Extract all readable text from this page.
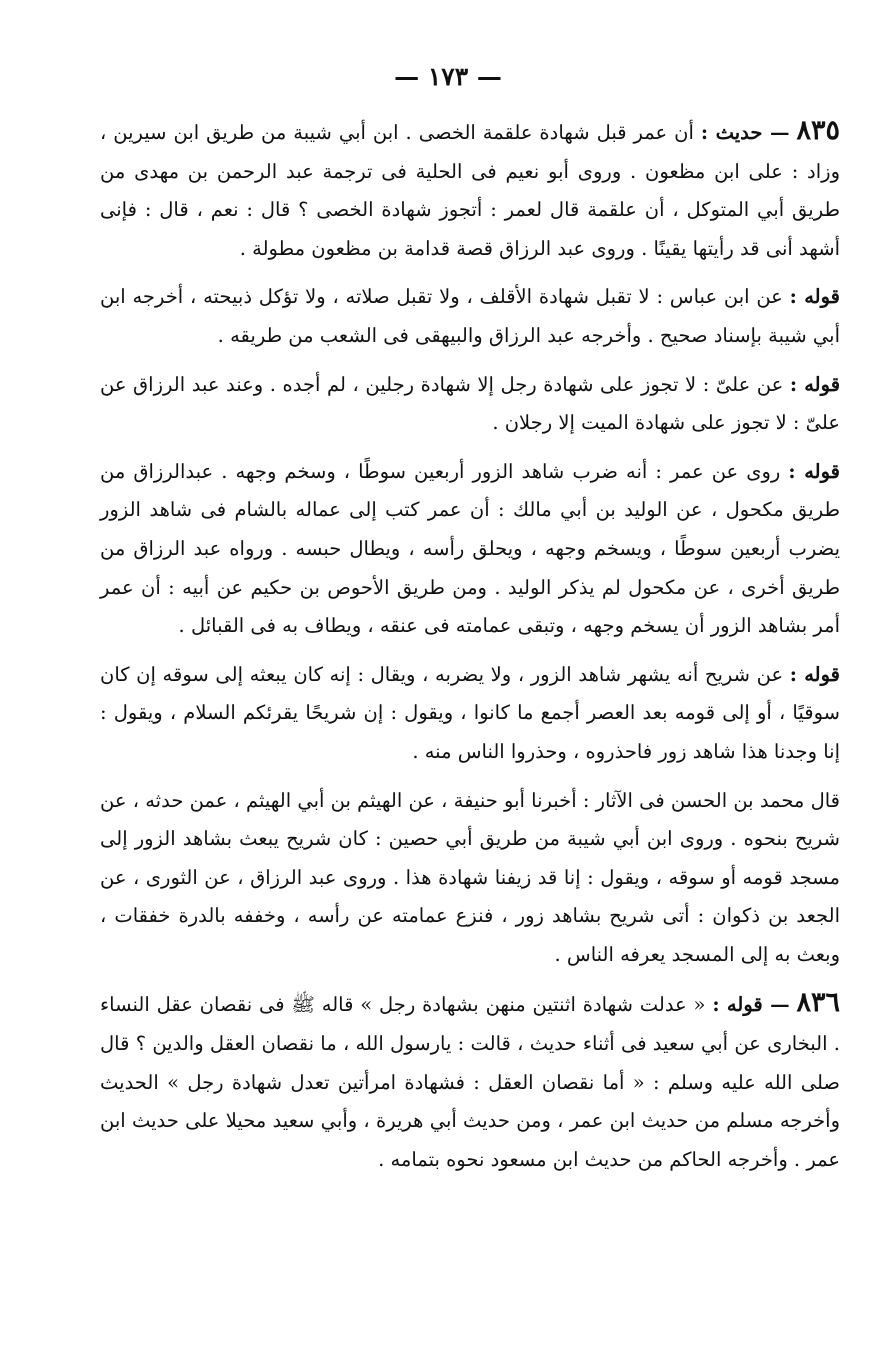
— ١٧٣ —

٨٣٥ — حديث : أن عمر قبل شهادة علقمة الخصى . ابن أبي شيبة من طريق ابن سيرين ، وزاد : على ابن مظعون . وروى أبو نعيم فى الحلية فى ترجمة عبد الرحمن بن مهدى من طريق أبي المتوكل ، أن علقمة قال لعمر : أتجوز شهادة الخصى ؟ قال : نعم ، قال : فإنى أشهد أنى قد رأيتها يقينًا . وروى عبد الرزاق قصة قدامة بن مظعون مطولة .

قوله : عن ابن عباس : لا تقبل شهادة الأقلف ، ولا تقبل صلاته ، ولا تؤكل ذبيحته ، أخرجه ابن أبي شيبة بإسناد صحيح . وأخرجه عبد الرزاق والبيهقى فى الشعب من طريقه .

قوله : عن علىّ : لا تجوز على شهادة رجل إلا شهادة رجلين ، لم أجده . وعند عبد الرزاق عن علىّ : لا تجوز على شهادة الميت إلا رجلان .

قوله : روى عن عمر : أنه ضرب شاهد الزور أربعين سوطًا ، وسخم وجهه . عبدالرزاق من طريق مكحول ، عن الوليد بن أبي مالك : أن عمر كتب إلى عماله بالشام فى شاهد الزور يضرب أربعين سوطًا ، ويسخم وجهه ، ويحلق رأسه ، ويطال حبسه . ورواه عبد الرزاق من طريق أخرى ، عن مكحول لم يذكر الوليد . ومن طريق الأحوص بن حكيم عن أبيه : أن عمر أمر بشاهد الزور أن يسخم وجهه ، وتبقى عمامته فى عنقه ، ويطاف به فى القبائل .

قوله : عن شريح أنه يشهر شاهد الزور ، ولا يضربه ، ويقال : إنه كان يبعثه إلى سوقه إن كان سوقيًا ، أو إلى قومه بعد العصر أجمع ما كانوا ، ويقول : إن شريحًا يقرئكم السلام ، ويقول : إنا وجدنا هذا شاهد زور فاحذروه ، وحذروا الناس منه .

قال محمد بن الحسن فى الآثار : أخبرنا أبو حنيفة ، عن الهيثم بن أبي الهيثم ، عمن حدثه ، عن شريح بنحوه . وروى ابن أبي شيبة من طريق أبي حصين : كان شريح يبعث بشاهد الزور إلى مسجد قومه أو سوقه ، ويقول : إنا قد زيفنا شهادة هذا . وروى عبد الرزاق ، عن الثورى ، عن الجعد بن ذكوان : أتى شريح بشاهد زور ، فنزع عمامته عن رأسه ، وخففه بالدرة خفقات ، وبعث به إلى المسجد يعرفه الناس .

٨٣٦ — قوله : « عدلت شهادة اثنتين منهن بشهادة رجل » قاله ﷺ فى نقصان عقل النساء . البخارى عن أبي سعيد فى أثناء حديث ، قالت : يارسول الله ، ما نقصان العقل والدين ؟ قال صلى الله عليه وسلم : « أما نقصان العقل : فشهادة امرأتين تعدل شهادة رجل » الحديث وأخرجه مسلم من حديث ابن عمر ، ومن حديث أبي هريرة ، وأبي سعيد محيلا على حديث ابن عمر . وأخرجه الحاكم من حديث ابن مسعود نحوه بتمامه .
